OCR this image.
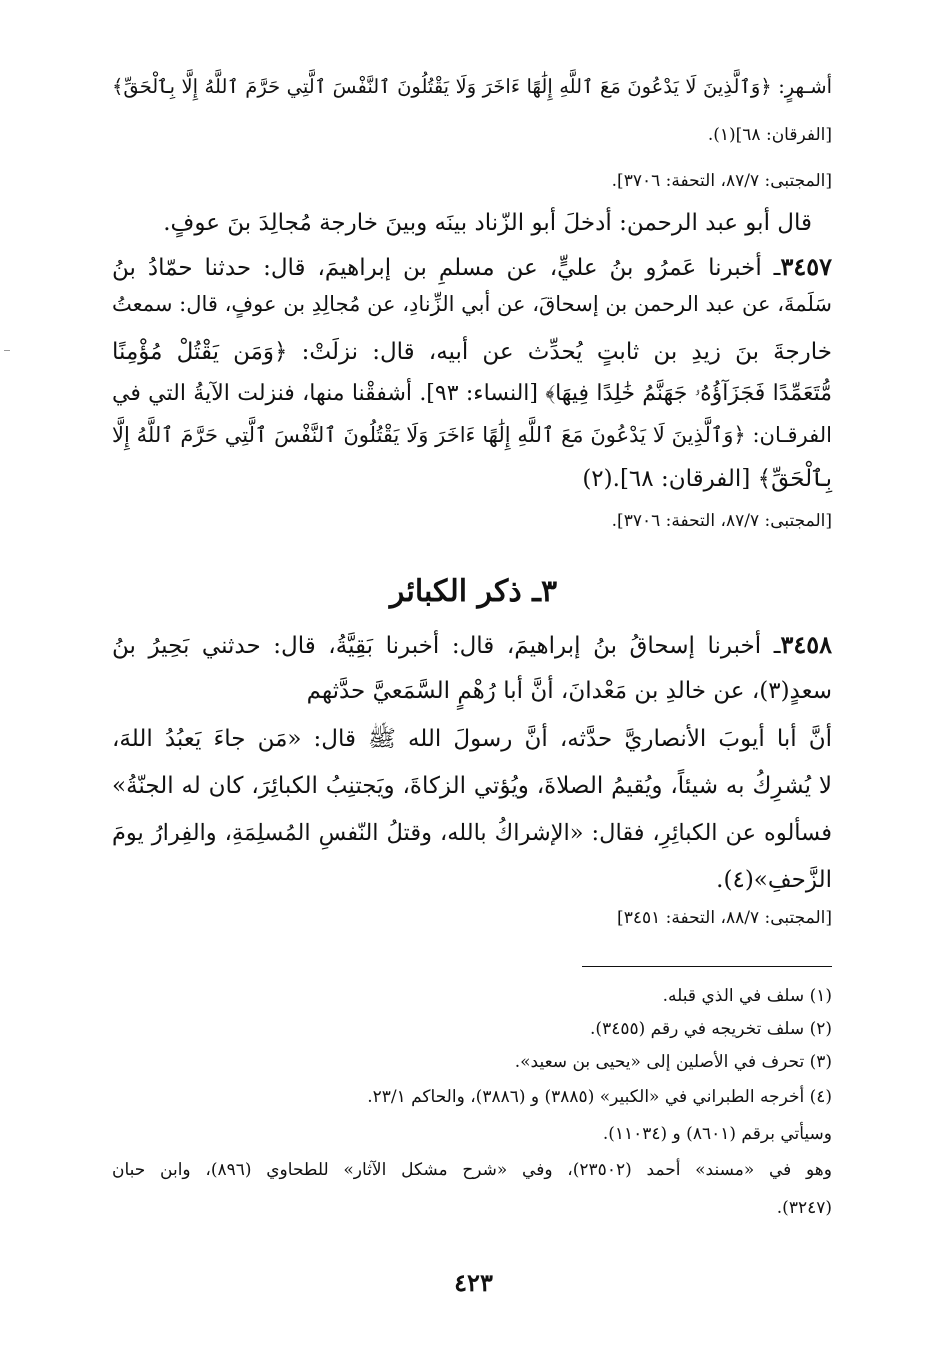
أشـهرٍ: ﴿وَٱلَّذِينَ لَا يَدْعُونَ مَعَ ٱللَّهِ إِلَٰهًا ءَاخَرَ وَلَا يَقْتُلُونَ ٱلنَّفْسَ ٱلَّتِي حَرَّمَ ٱللَّهُ إِلَّا بِٱلْحَقِّ﴾
[الفرقان: ٦٨](١).
[المجتبى: ٨٧/٧، التحفة: ٣٧٠٦].
قال أبو عبد الرحمن: أدخلَ أبو الزّناد بينَه وبينَ خارجة مُجالِدَ بنَ عوفٍ.
٣٤٥٧ـ أخبرنا عَمرُو بنُ عليٍّ، عن مسلمِ بن إبراهيمَ، قال: حدثنا حمّادُ بنُ
سَلَمةَ، عن عبد الرحمن بن إسحاقَ، عن أبي الزِّنادِ، عن مُجالِدِ بن عوفٍ، قال: سمعتُ
خارجةَ بنَ زيدِ بن ثابتٍ يُحدِّث عن أبيه، قال: نزلَتْ: ﴿وَمَن يَقْتُلْ مُؤْمِنًا
مُّتَعَمِّدًا فَجَزَآؤُهُۥ جَهَنَّمُ خَٰلِدًا فِيهَا﴾ [النساء: ٩٣]. أشفقْنا منها، فنزلت الآيةُ التي في
الفرقـان: ﴿وَٱلَّذِينَ لَا يَدْعُونَ مَعَ ٱللَّهِ إِلَٰهًا ءَاخَرَ وَلَا يَقْتُلُونَ ٱلنَّفْسَ ٱلَّتِي حَرَّمَ ٱللَّهُ إِلَّا
بِٱلْحَقِّ﴾ [الفرقان: ٦٨].(٢)
[المجتبى: ٨٧/٧، التحفة: ٣٧٠٦].
٣ـ ذكر الكبائر
٣٤٥٨ـ أخبرنا إسحاقُ بنُ إبراهيمَ، قال: أخبرنا بَقِيَّةُ، قال: حدثني بَحِيرُ بنُ
سعدٍ(٣)، عن خالدِ بن مَعْدانَ، أنَّ أبا رُهْمٍ السَّمَعيَّ حدَّثهم
أنَّ أبا أيوبَ الأنصاريَّ حدَّثه، أنَّ رسولَ الله ﷺ قال: «مَن جاءَ يَعبُدُ اللهَ،
لا يُشرِكُ به شيئاً، ويُقيمُ الصلاةَ، ويُؤتي الزكاةَ، ويَجتنِبُ الكبائِرَ، كان له الجنّةُ»
فسألوه عن الكبائِرِ، فقال: «الإشراكُ بالله، وقتلُ النّفسِ المُسلِمَةِ، والفِرارُ يومَ
الزَّحفِ»(٤).
[المجتبى: ٨٨/٧، التحفة: ٣٤٥١]
(١) سلف في الذي قبله.
(٢) سلف تخريجه في رقم (٣٤٥٥).
(٣) تحرف في الأصلين إلى «يحيى بن سعيد».
(٤) أخرجه الطبراني في «الكبير» (٣٨٨٥) و (٣٨٨٦)، والحاكم ٢٣/١.
وسيأتي برقم (٨٦٠١) و (١١٠٣٤).
وهو في «مسند» أحمد (٢٣٥٠٢)، وفي «شرح مشكل الآثار» للطحاوي (٨٩٦)، وابن حبان
(٣٢٤٧).
٤٢٣
